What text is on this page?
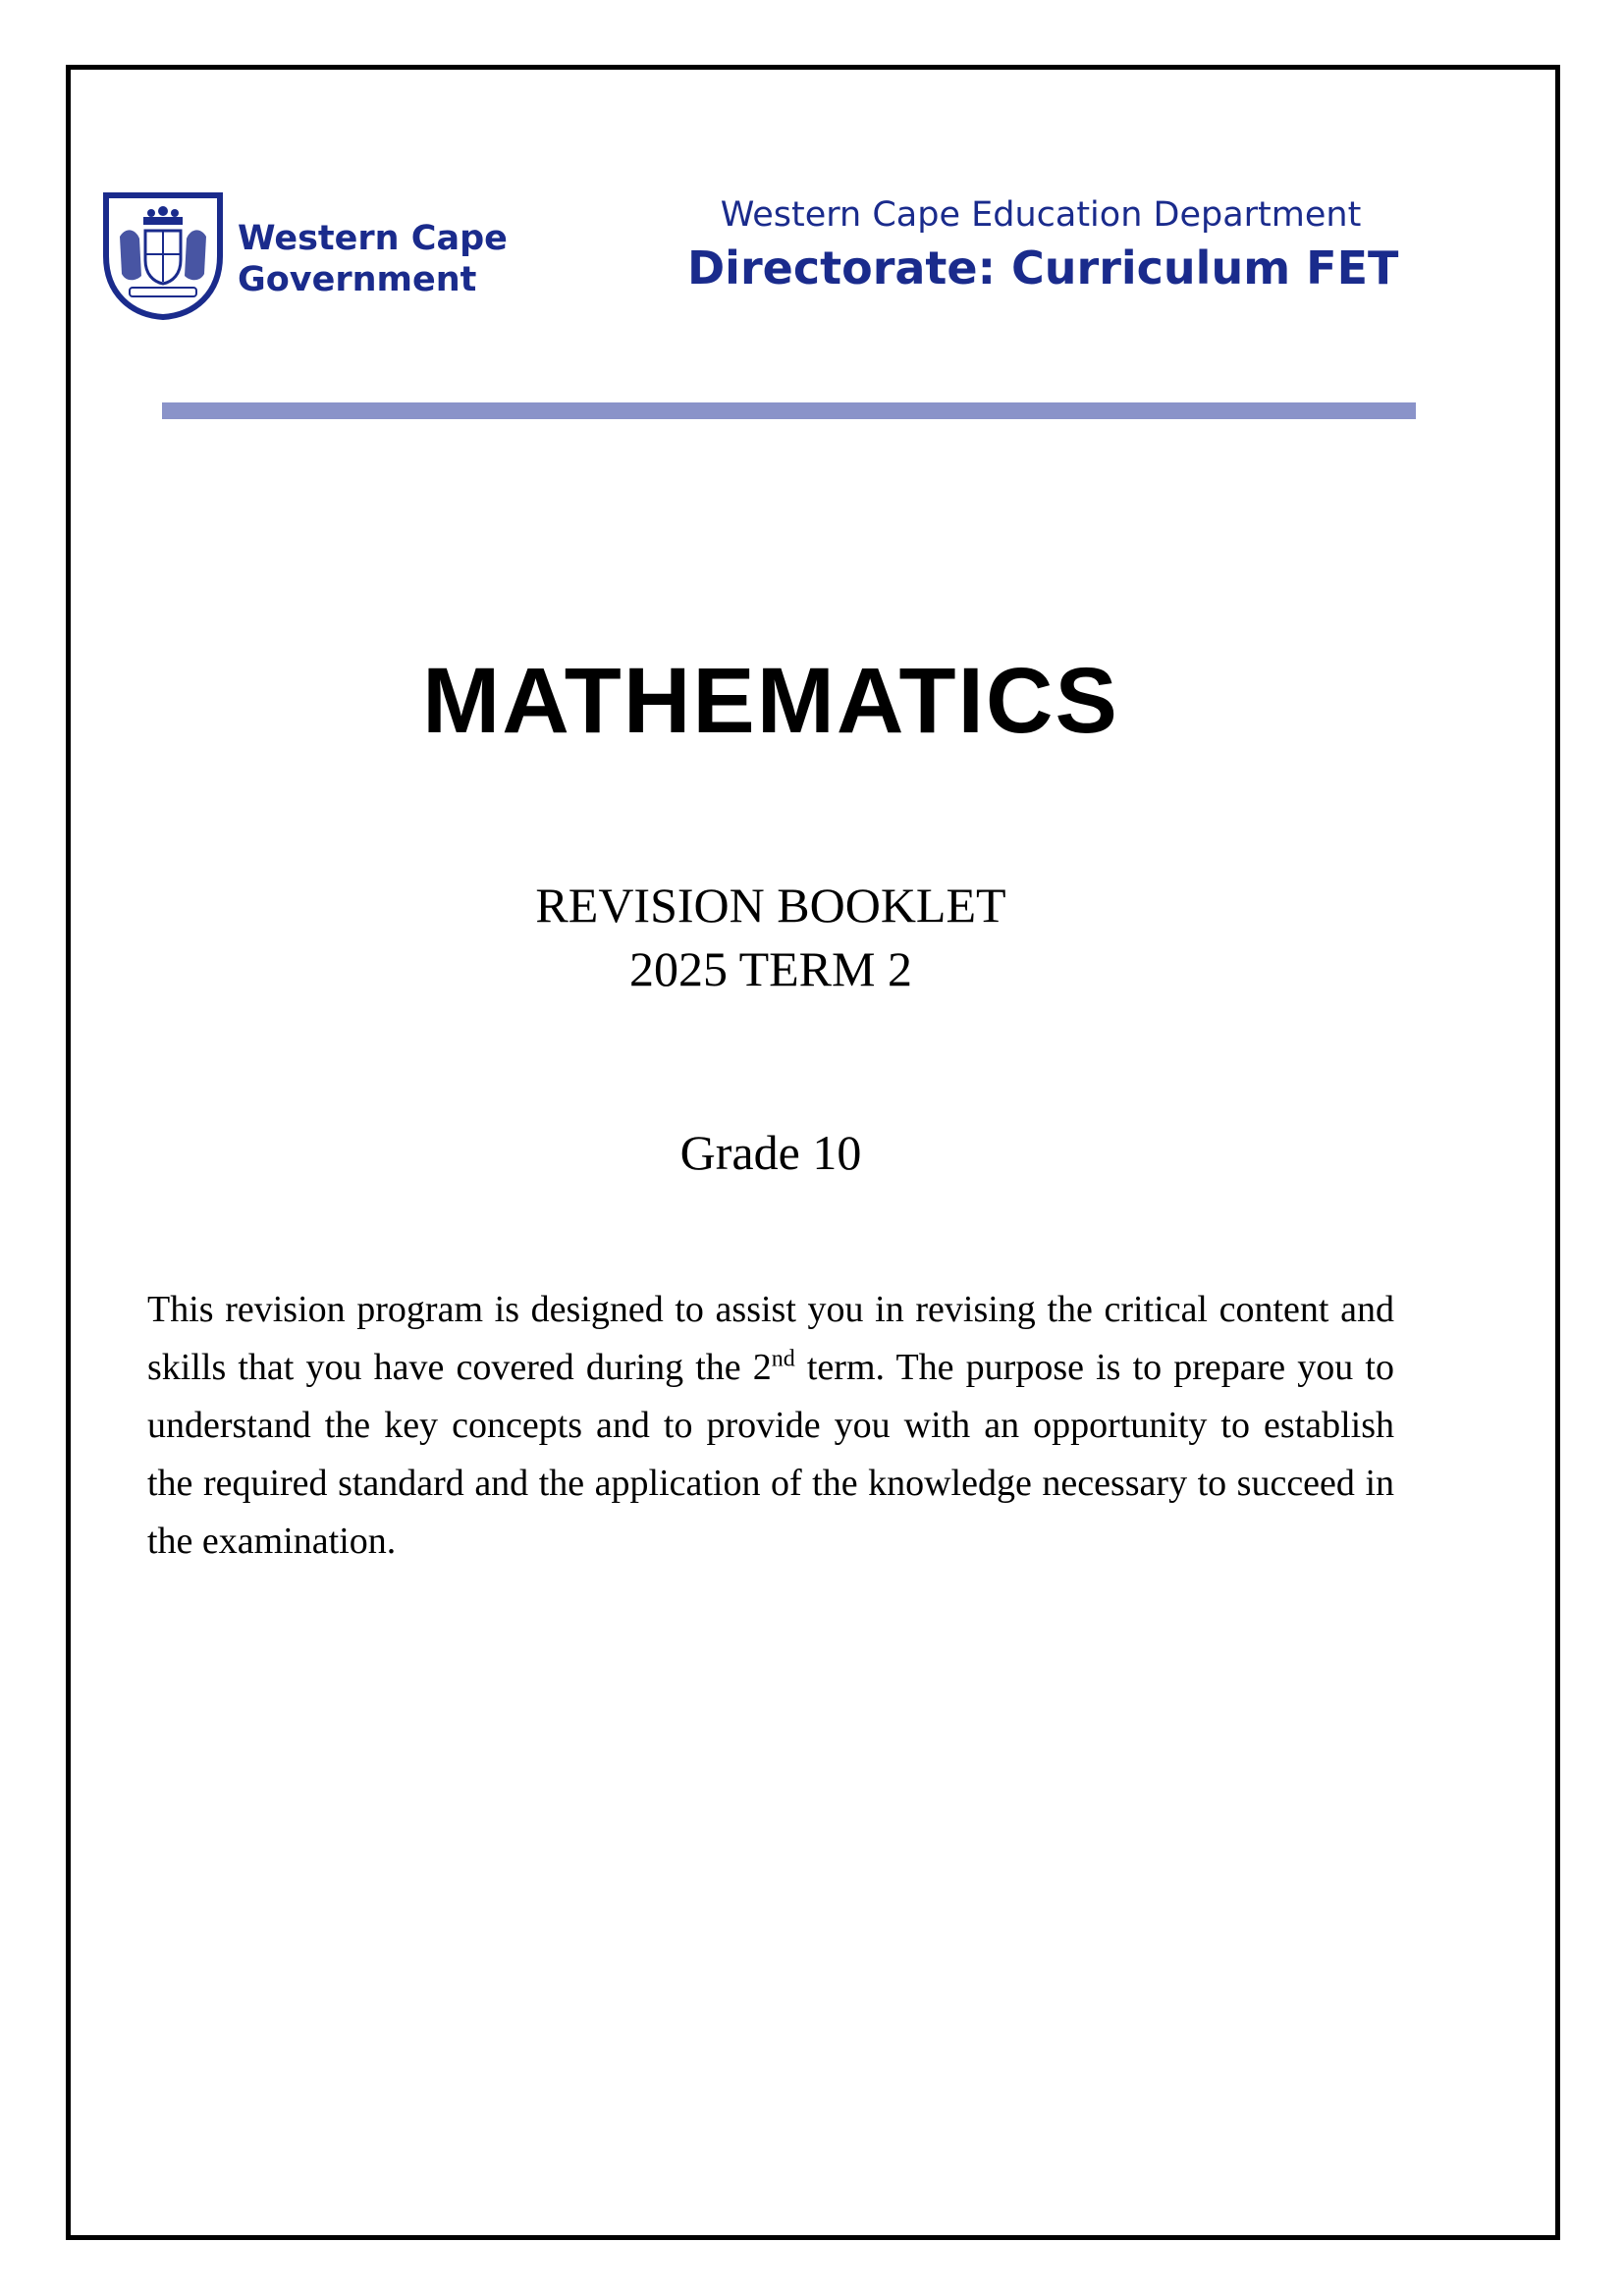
Western Cape
Government
Western Cape Education Department
Directorate: Curriculum FET
MATHEMATICS
REVISION BOOKLET
2025 TERM 2
Grade 10

This revision program is designed to assist you in revising the critical content and skills that you have covered during the 2nd term. The purpose is to prepare you to understand the key concepts and to provide you with an opportunity to establish the required standard and the application of the knowledge necessary to succeed in the examination.
